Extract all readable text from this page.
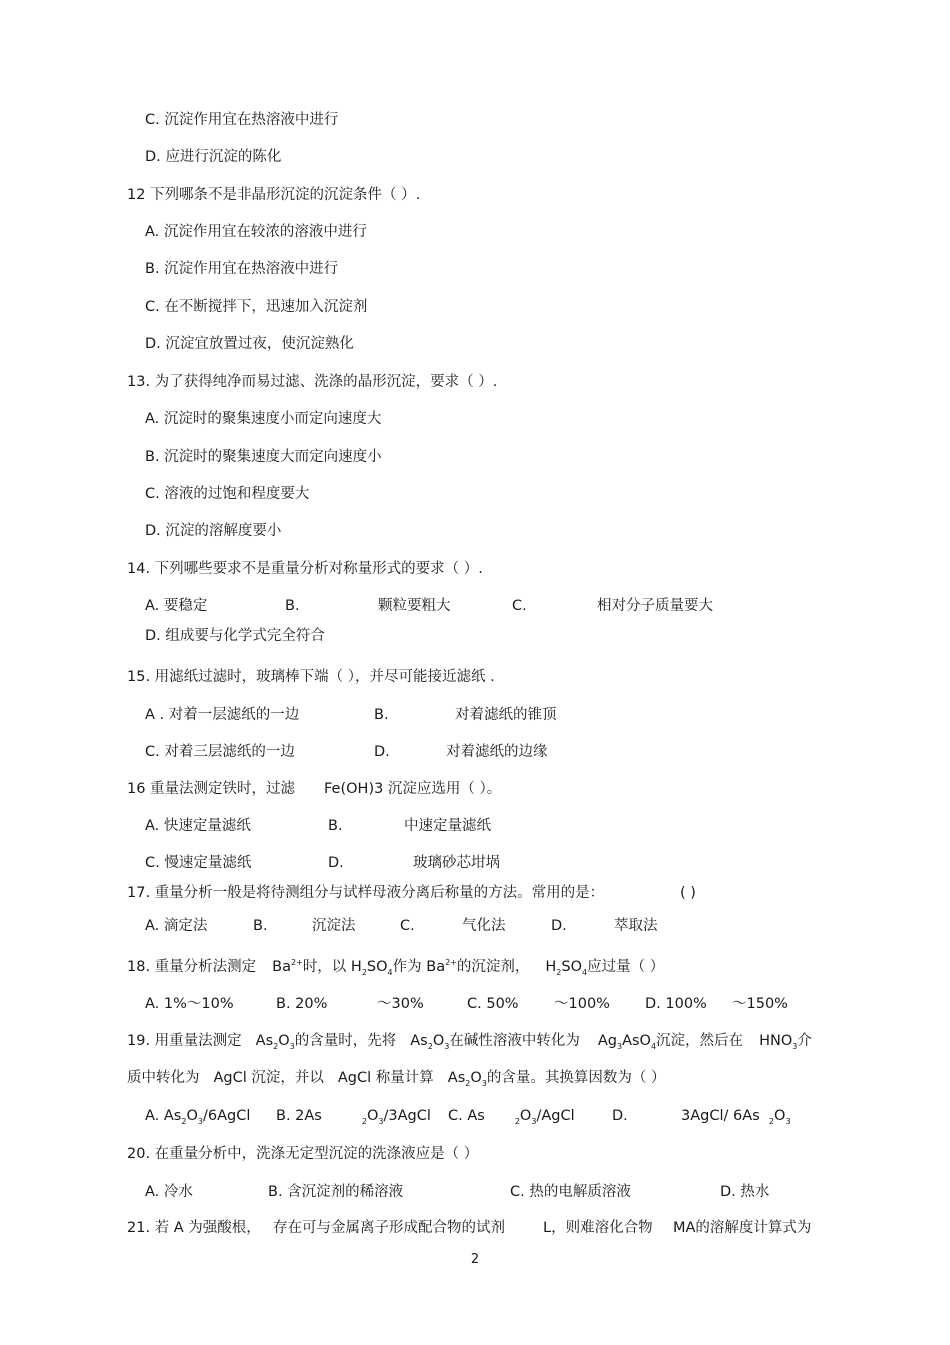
C. 沉淀作用宜在热溶液中进行
D. 应进行沉淀的陈化
12 下列哪条不是非晶形沉淀的沉淀条件（ ）.
A. 沉淀作用宜在较浓的溶液中进行
B. 沉淀作用宜在热溶液中进行
C. 在不断搅拌下，迅速加入沉淀剂
D. 沉淀宜放置过夜，使沉淀熟化
13. 为了获得纯净而易过滤、洗涤的晶形沉淀，要求（ ）.
A. 沉淀时的聚集速度小而定向速度大
B. 沉淀时的聚集速度大而定向速度小
C. 溶液的过饱和程度要大
D. 沉淀的溶解度要小
14. 下列哪些要求不是重量分析对称量形式的要求（ ）.
A. 要稳定	B.	颗粒要粗大	C.	相对分子质量要大
D. 组成要与化学式完全符合
15. 用滤纸过滤时，玻璃棒下端（ ），并尽可能接近滤纸 .
A . 对着一层滤纸的一边	B.	对着滤纸的锥顶
C. 对着三层滤纸的一边	D.	对着滤纸的边缘
16 重量法测定铁时，过滤 Fe(OH)3 沉淀应选用（ ）。
A. 快速定量滤纸	B.	中速定量滤纸
C. 慢速定量滤纸	D.	玻璃砂芯坩埚
17. 重量分析一般是将待测组分与试样母液分离后称量的方法。常用的是：	( )
A. 滴定法	B.	沉淀法	C.	气化法	D.	萃取法
18. 重量分析法测定 $Ba^{2+}$时，以 $H_2SO_4$作为 $Ba^{2+}$的沉淀剂， $H_2SO_4$应过量（ ）
A. 1%～10%	B. 20%	～30%	C. 50% ～100% D. 100% ～150%
19. 用重量法测定 $As_2O_3$的含量时，先将 $As_2O_3$在碱性溶液中转化为 $Ag_3AsO_4$沉淀，然后在 $HNO_3$介
质中转化为 AgCl 沉淀，并以 AgCl 称量计算 $As_2O_3$的含量。其换算因数为（ ）
A. $As_2O_3/6AgCl$ B. 2As	$_2O_3/3AgCl$ C. As	$_2O_3$/AgCl	D.	3AgCl/ 6As $_2O_3$
20. 在重量分析中，洗涤无定型沉淀的洗涤液应是（ ）
A. 冷水	B. 含沉淀剂的稀溶液	C. 热的电解质溶液	D. 热水
21. 若 A 为强酸根， 存在可与金属离子形成配合物的试剂	L，则难溶化合物 MA的溶解度计算式为
2
